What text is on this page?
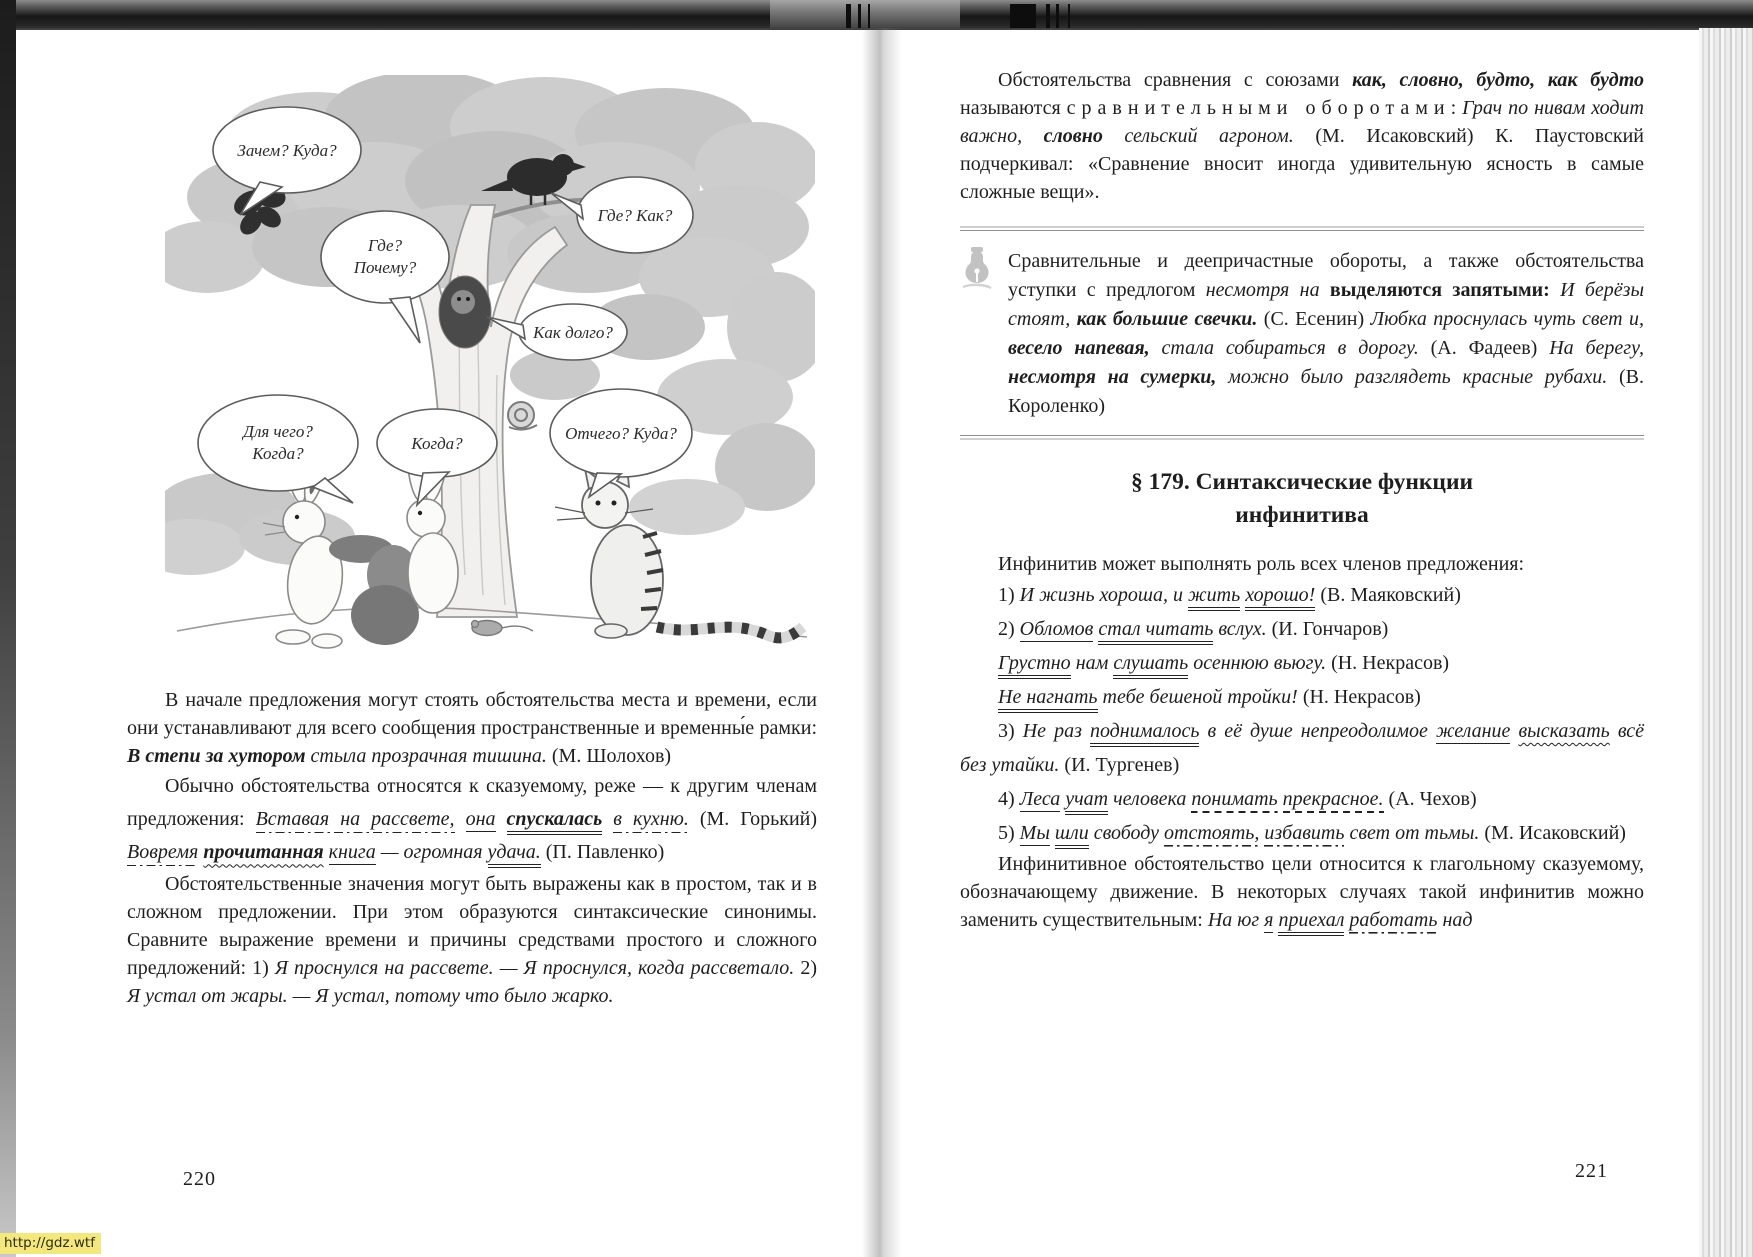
Зачем? Куда?
Где?
Почему?
Где? Как?
Как долго?
Для чего?
Когда?
Когда?
Отчего? Куда?

В начале предложения могут стоять обстоятельства места и времени, если они устанавливают для всего сообщения пространственные и временны́е рамки: В степи за хутором стыла прозрачная тишина. (М. Шолохов)

Обычно обстоятельства относятся к сказуемому, реже — к другим членам предложения: Вставая на рассвете, она спускалась в кухню. (М. Горький) Вовремя прочитанная книга — огромная удача. (П. Павленко)

Обстоятельственные значения могут быть выражены как в простом, так и в сложном предложении. При этом образуются синтаксические синонимы. Сравните выражение времени и причины средствами простого и сложного предложений: 1) Я проснулся на рассвете. — Я проснулся, когда рассветало. 2) Я устал от жары. — Я устал, потому что было жарко.

220

Обстоятельства сравнения с союзами как, словно, будто, как будто называются сравнительными оборотами: Грач по нивам ходит важно, словно сельский агроном. (М. Исаковский) К. Паустовский подчеркивал: «Сравнение вносит иногда удивительную ясность в самые сложные вещи».

Сравнительные и деепричастные обороты, а также обстоятельства уступки с предлогом несмотря на выделяются запятыми: И берёзы стоят, как большие свечки. (С. Есенин) Любка проснулась чуть свет и, весело напевая, стала собираться в дорогу. (А. Фадеев) На берегу, несмотря на сумерки, можно было разглядеть красные рубахи. (В. Короленко)
§ 179. Синтаксические функции
инфинитива

Инфинитив может выполнять роль всех членов предложения:

1) И жизнь хороша, и жить хорошо! (В. Маяковский)

2) Обломов стал читать вслух. (И. Гончаров)

Грустно нам слушать осеннюю вьюгу. (Н. Некрасов)

Не нагнать тебе бешеной тройки! (Н. Некрасов)

3) Не раз поднималось в её душе непреодолимое желание высказать всё без утайки. (И. Тургенев)

4) Леса учат человека понимать прекрасное. (А. Чехов)

5) Мы шли свободу отстоять, избавить свет от тьмы. (М. Исаковский)

Инфинитивное обстоятельство цели относится к глагольному сказуемому, обозначающему движение. В некоторых случаях такой инфинитив можно заменить существительным: На юг я приехал работать над

221
http://gdz.wtf
